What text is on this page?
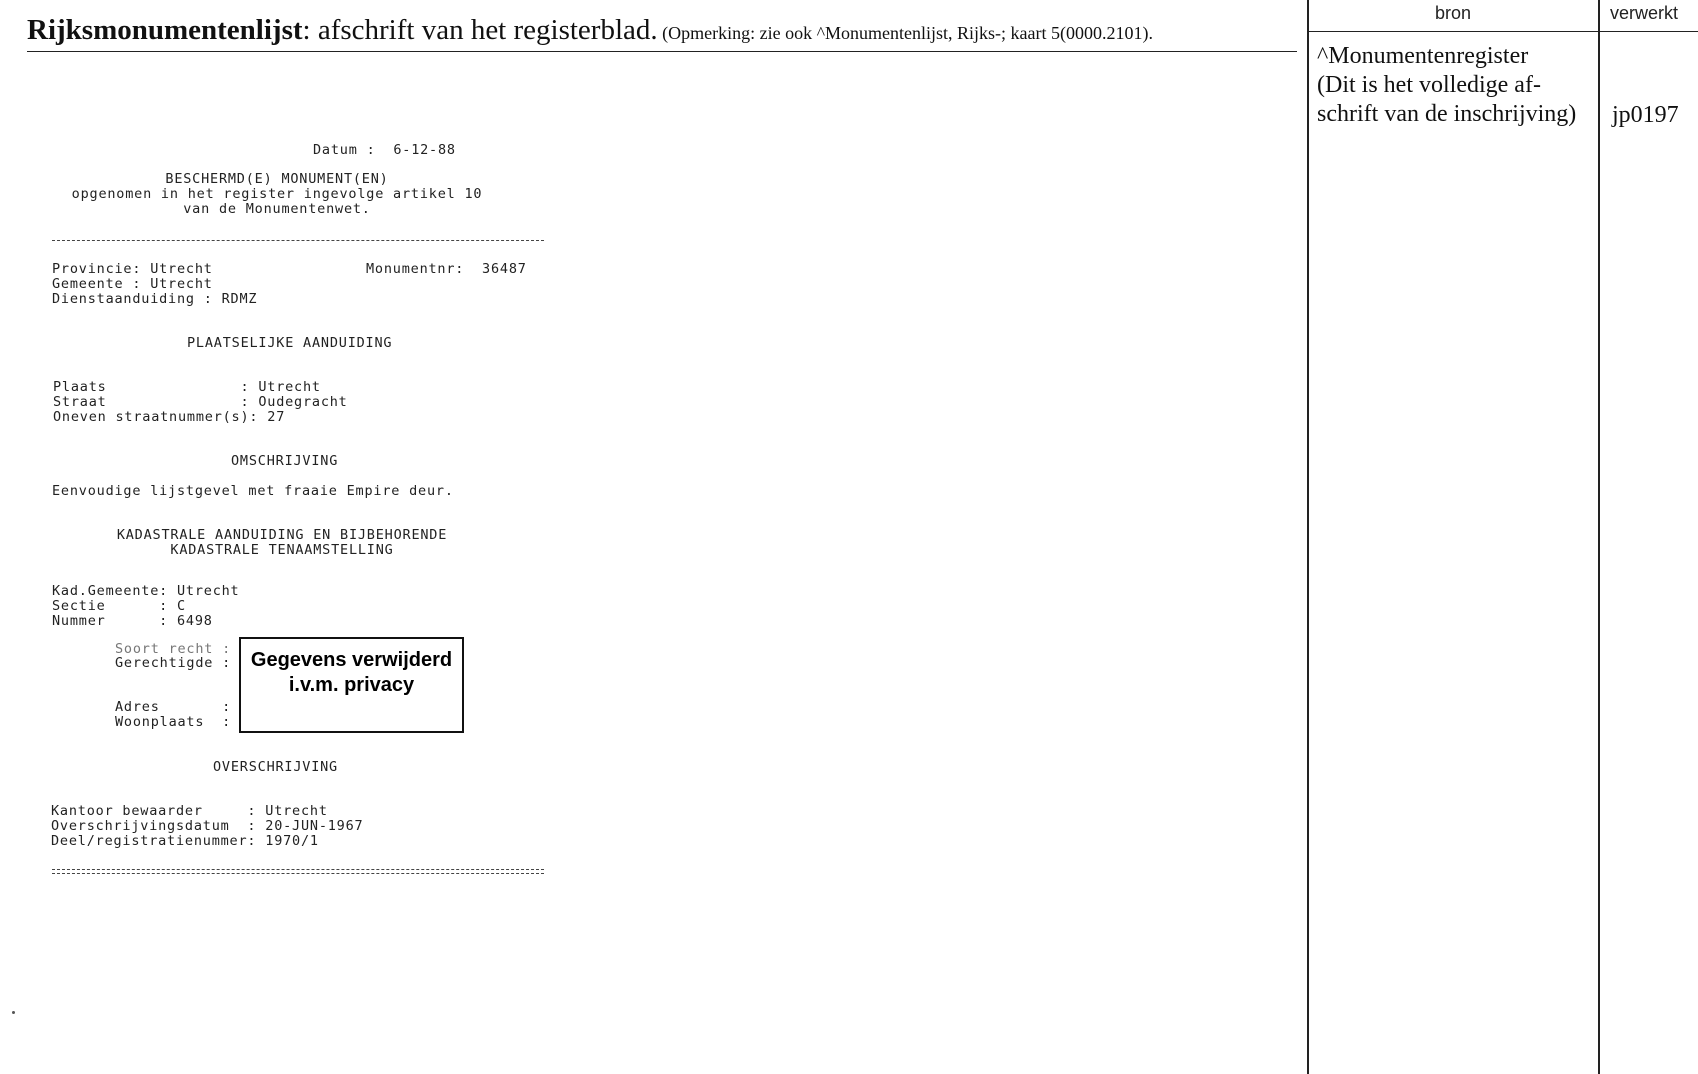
Rijksmonumentenlijst: afschrift van het registerblad. (Opmerking: zie ook ^Monumentenlijst, Rijks-; kaart 5(0000.2101).
bron	verwerkt
^Monumentenregister
(Dit is het volledige af-
schrift van de inschrijving)	jp0197
Datum :  6-12-88
BESCHERMD(E) MONUMENT(EN)
opgenomen in het register ingevolge artikel 10
van de Monumentenwet.
Provincie: Utrecht
Gemeente : Utrecht
Dienstaanduiding : RDMZ
Monumentnr:  36487
PLAATSELIJKE AANDUIDING
Plaats               : Utrecht
Straat               : Oudegracht
Oneven straatnummer(s): 27
OMSCHRIJVING
Eenvoudige lijstgevel met fraaie Empire deur.
KADASTRALE AANDUIDING EN BIJBEHORENDE
KADASTRALE TENAAMSTELLING
Kad.Gemeente: Utrecht
Sectie      : C
Nummer      : 6498
Soort recht :
Gerechtigde :
Adres       :
Woonplaats  :
Gegevens verwijderd
i.v.m. privacy
OVERSCHRIJVING
Kantoor bewaarder     : Utrecht
Overschrijvingsdatum  : 20-JUN-1967
Deel/registratienummer: 1970/1
